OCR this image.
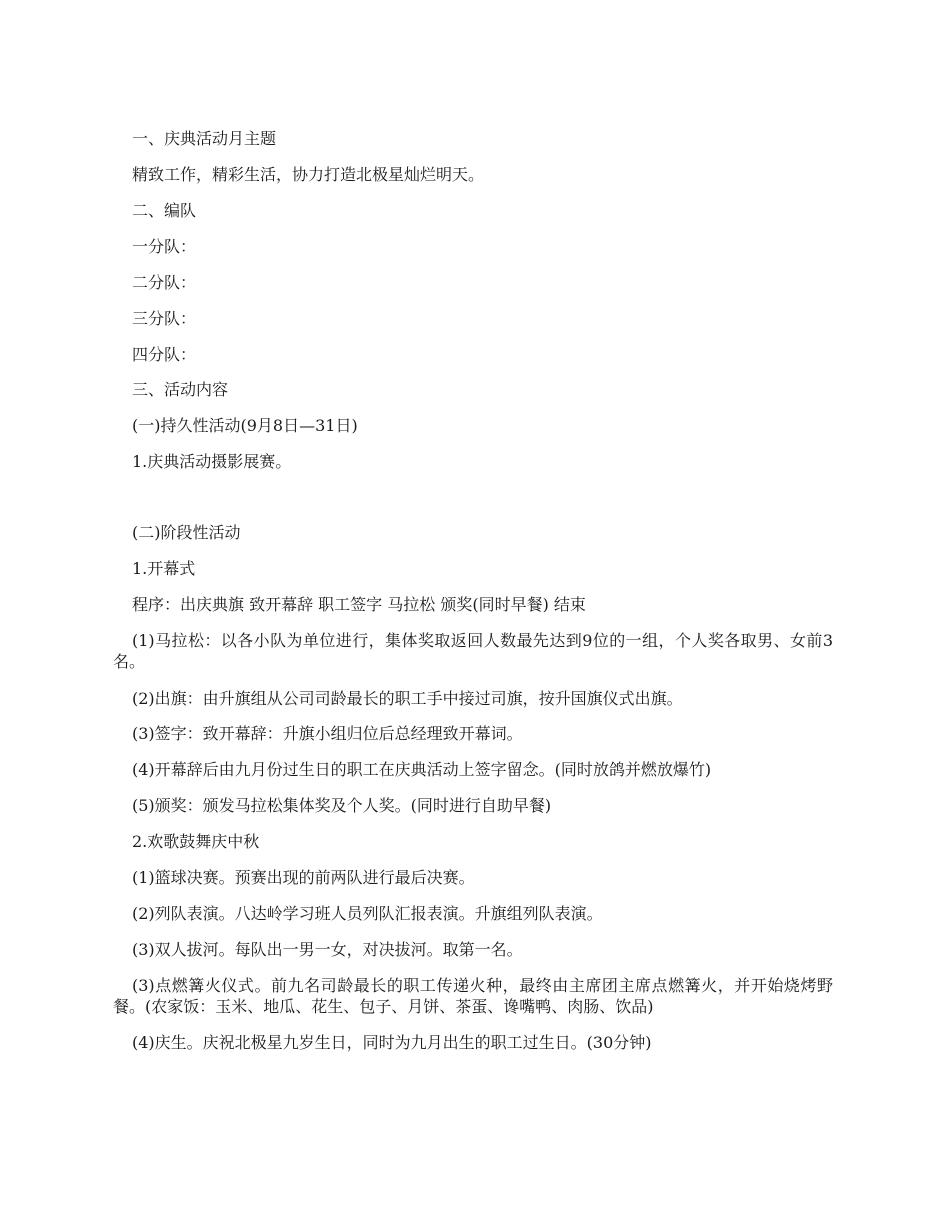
一、庆典活动月主题
精致工作，精彩生活，协力打造北极星灿烂明天。
二、编队
一分队：
二分队：
三分队：
四分队：
三、活动内容
(一)持久性活动(9月8日—31日)
1.庆典活动摄影展赛。
(二)阶段性活动
1.开幕式
程序：出庆典旗 致开幕辞 职工签字 马拉松 颁奖(同时早餐) 结束
(1)马拉松：以各小队为单位进行，集体奖取返回人数最先达到9位的一组，个人奖各取男、女前3名。
(2)出旗：由升旗组从公司司龄最长的职工手中接过司旗，按升国旗仪式出旗。
(3)签字：致开幕辞：升旗小组归位后总经理致开幕词。
(4)开幕辞后由九月份过生日的职工在庆典活动上签字留念。(同时放鸽并燃放爆竹)
(5)颁奖：颁发马拉松集体奖及个人奖。(同时进行自助早餐)
2.欢歌鼓舞庆中秋
(1)篮球决赛。预赛出现的前两队进行最后决赛。
(2)列队表演。八达岭学习班人员列队汇报表演。升旗组列队表演。
(3)双人拔河。每队出一男一女，对决拔河。取第一名。
(3)点燃篝火仪式。前九名司龄最长的职工传递火种，最终由主席团主席点燃篝火，并开始烧烤野餐。(农家饭：玉米、地瓜、花生、包子、月饼、茶蛋、谗嘴鸭、肉肠、饮品)
(4)庆生。庆祝北极星九岁生日，同时为九月出生的职工过生日。(30分钟)
